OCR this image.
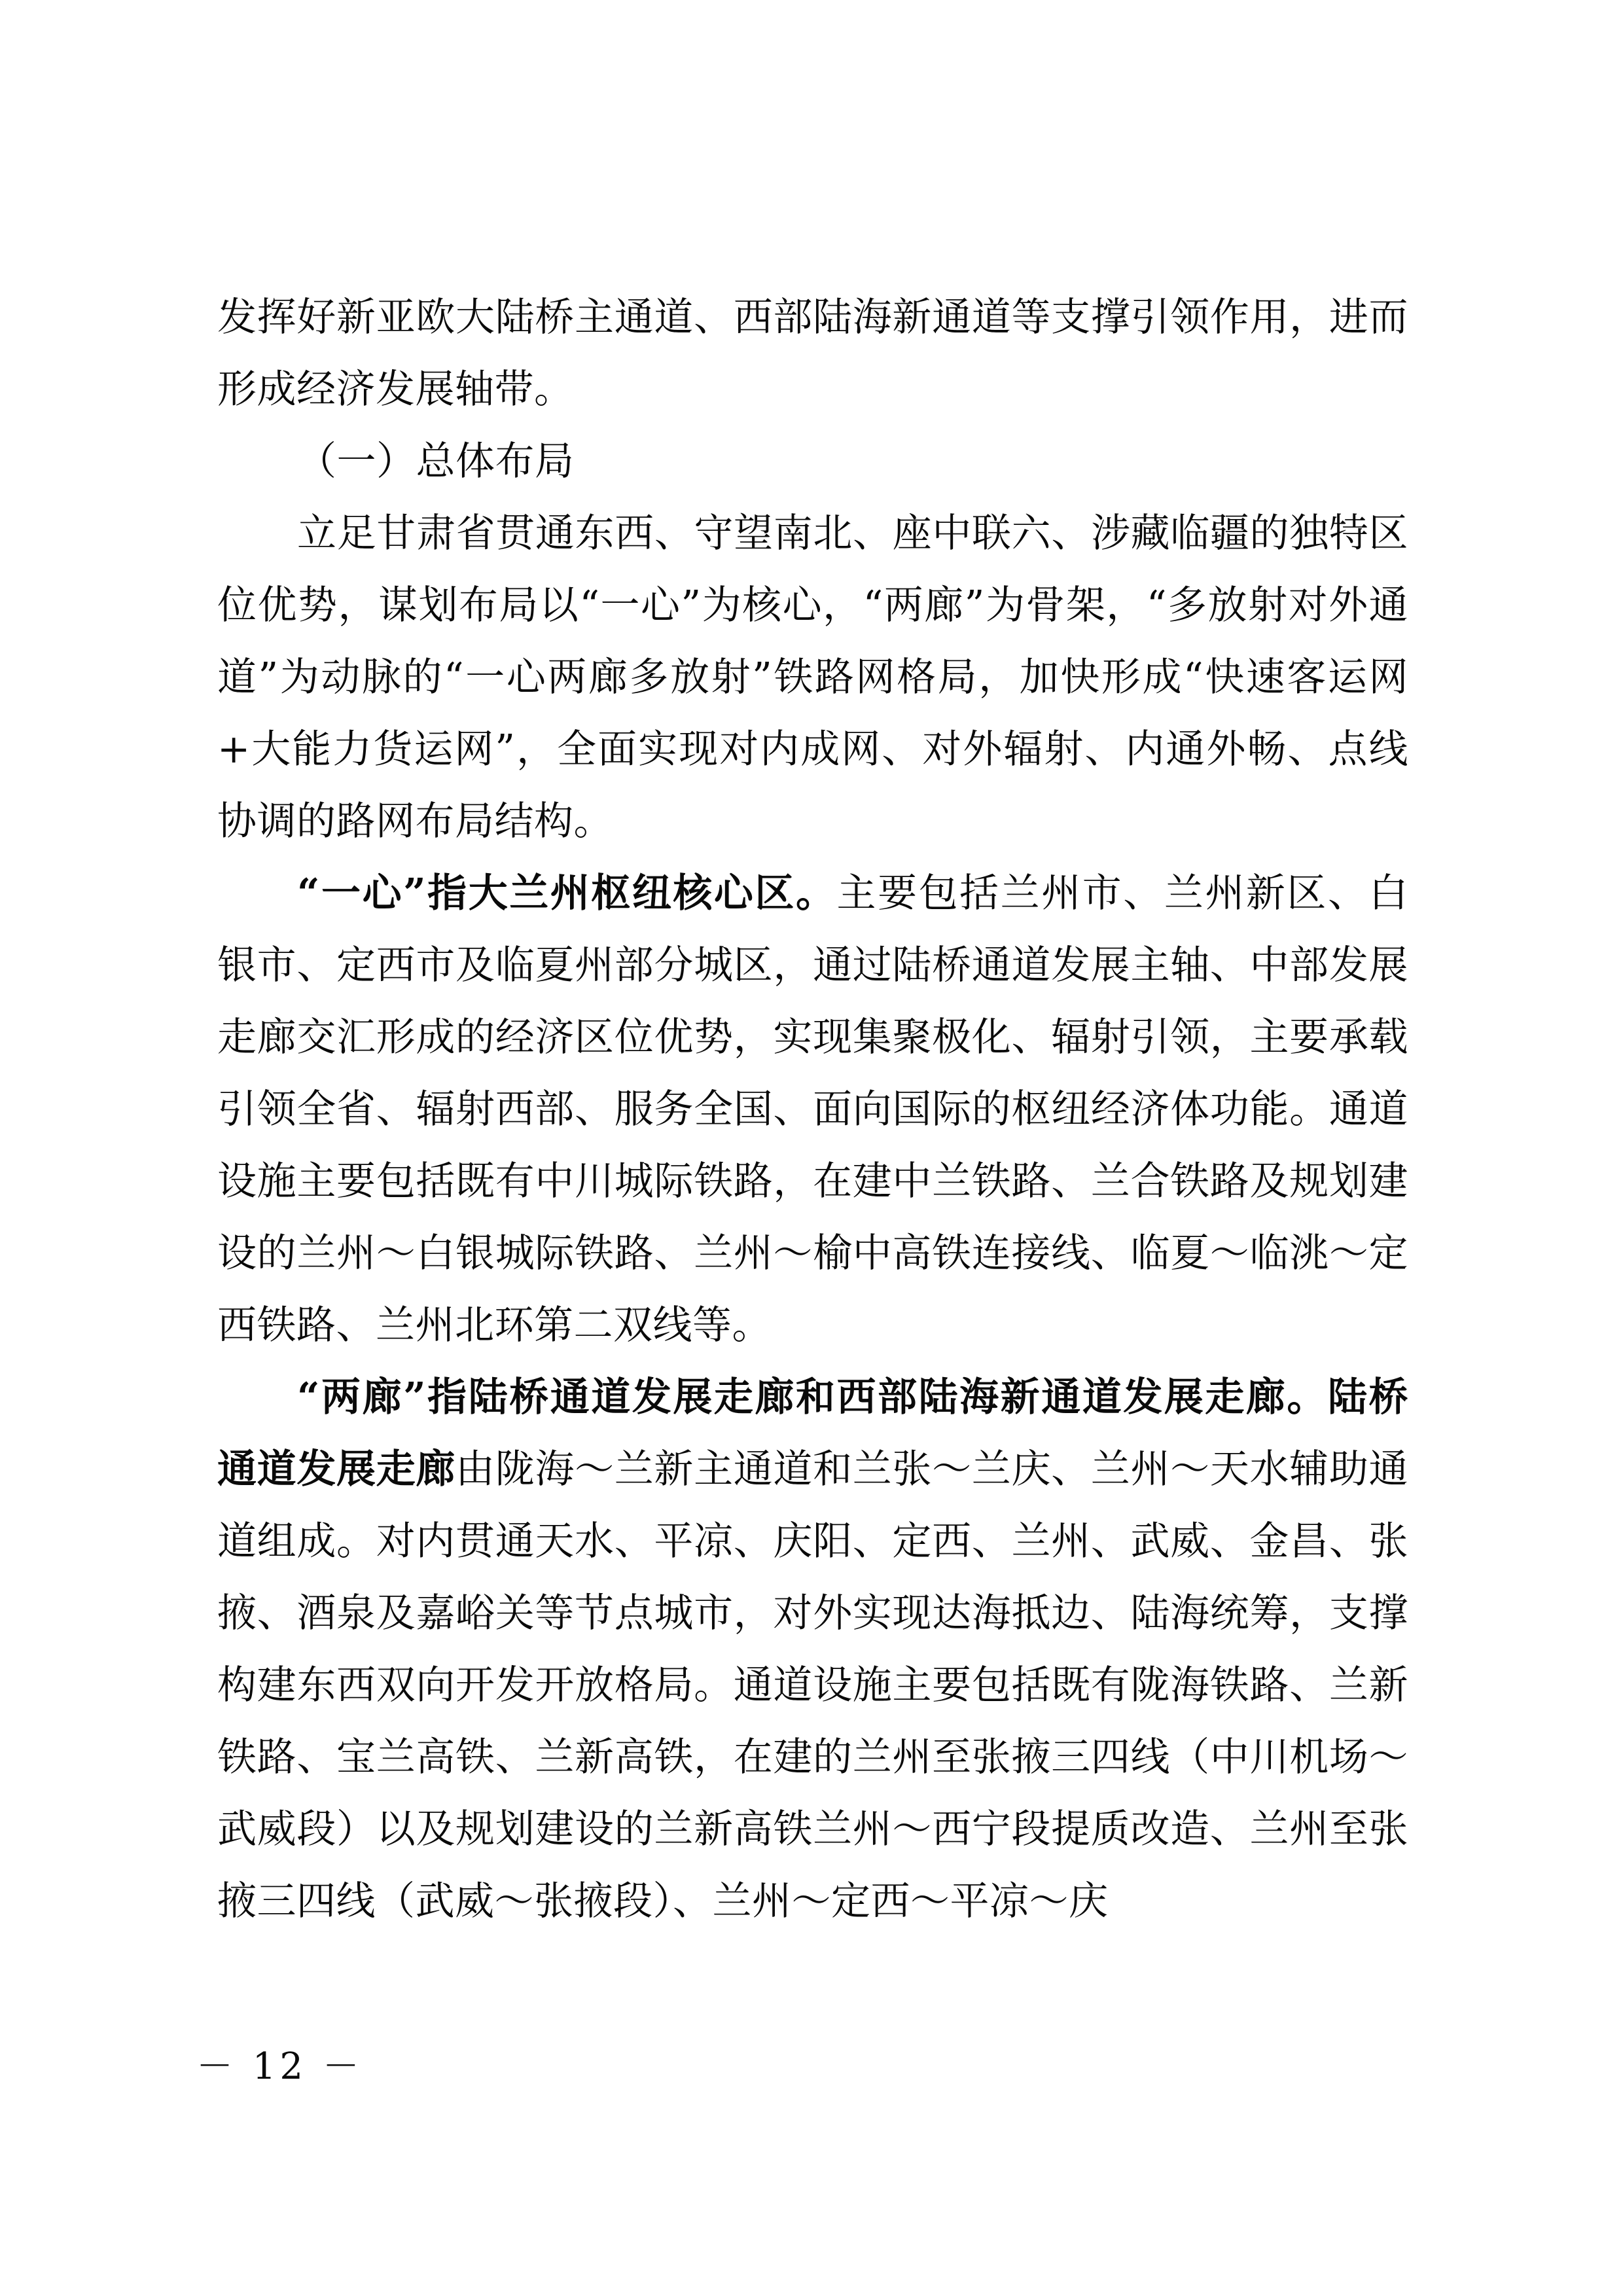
发挥好新亚欧大陆桥主通道、西部陆海新通道等支撑引领作用，进而形成经济发展轴带。

（一）总体布局

立足甘肃省贯通东西、守望南北、座中联六、涉藏临疆的独特区位优势，谋划布局以“一心”为核心，“两廊”为骨架，“多放射对外通道”为动脉的“一心两廊多放射”铁路网格局，加快形成“快速客运网+大能力货运网”，全面实现对内成网、对外辐射、内通外畅、点线协调的路网布局结构。

“一心”指大兰州枢纽核心区。主要包括兰州市、兰州新区、白银市、定西市及临夏州部分城区，通过陆桥通道发展主轴、中部发展走廊交汇形成的经济区位优势，实现集聚极化、辐射引领，主要承载引领全省、辐射西部、服务全国、面向国际的枢纽经济体功能。通道设施主要包括既有中川城际铁路，在建中兰铁路、兰合铁路及规划建设的兰州～白银城际铁路、兰州～榆中高铁连接线、临夏～临洮～定西铁路、兰州北环第二双线等。

“两廊”指陆桥通道发展走廊和西部陆海新通道发展走廊。陆桥通道发展走廊由陇海～兰新主通道和兰张～兰庆、兰州～天水辅助通道组成。对内贯通天水、平凉、庆阳、定西、兰州、武威、金昌、张掖、酒泉及嘉峪关等节点城市，对外实现达海抵边、陆海统筹，支撑构建东西双向开发开放格局。通道设施主要包括既有陇海铁路、兰新铁路、宝兰高铁、兰新高铁，在建的兰州至张掖三四线（中川机场～武威段）以及规划建设的兰新高铁兰州～西宁段提质改造、兰州至张掖三四线（武威～张掖段）、兰州～定西～平凉～庆

－ 12 －
